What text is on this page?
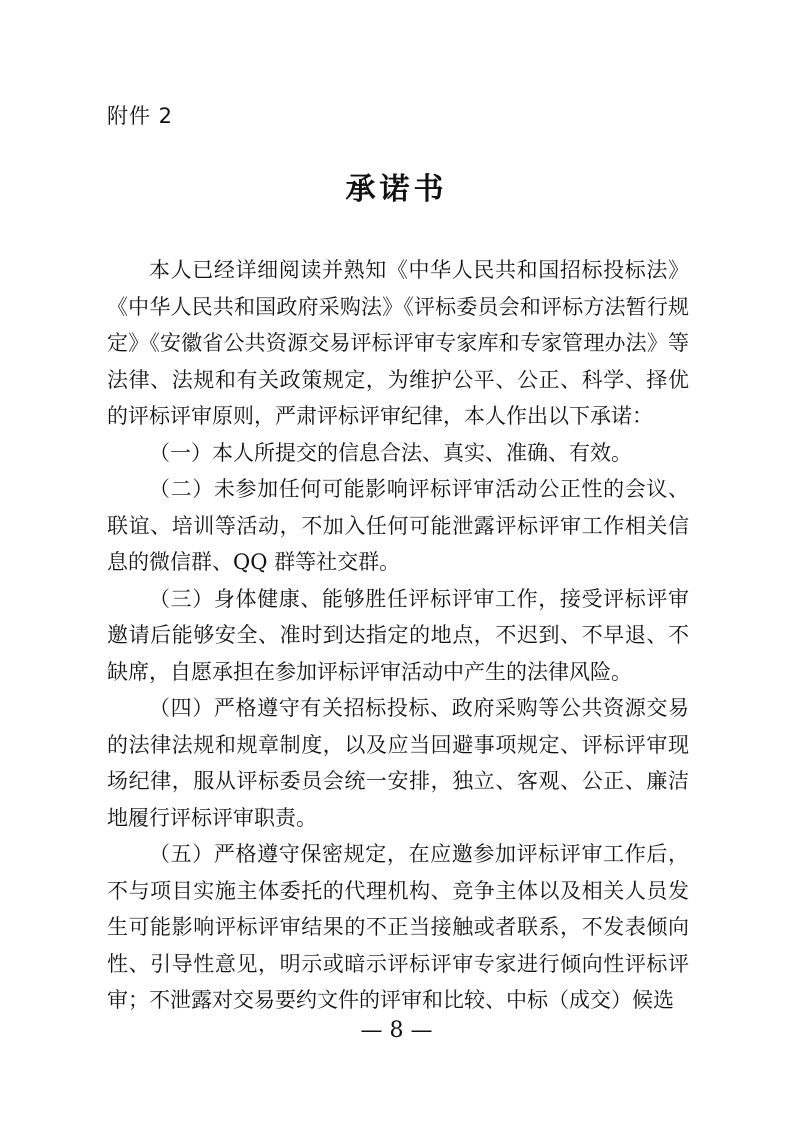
附件 2
承诺书

本人已经详细阅读并熟知《中华人民共和国招标投标法》《中华人民共和国政府采购法》《评标委员会和评标方法暂行规定》《安徽省公共资源交易评标评审专家库和专家管理办法》等法律、法规和有关政策规定，为维护公平、公正、科学、择优的评标评审原则，严肃评标评审纪律，本人作出以下承诺：

（一）本人所提交的信息合法、真实、准确、有效。

（二）未参加任何可能影响评标评审活动公正性的会议、联谊、培训等活动，不加入任何可能泄露评标评审工作相关信息的微信群、QQ 群等社交群。

（三）身体健康、能够胜任评标评审工作，接受评标评审邀请后能够安全、准时到达指定的地点，不迟到、不早退、不缺席，自愿承担在参加评标评审活动中产生的法律风险。

（四）严格遵守有关招标投标、政府采购等公共资源交易的法律法规和规章制度，以及应当回避事项规定、评标评审现场纪律，服从评标委员会统一安排，独立、客观、公正、廉洁地履行评标评审职责。

（五）严格遵守保密规定，在应邀参加评标评审工作后，不与项目实施主体委托的代理机构、竞争主体以及相关人员发生可能影响评标评审结果的不正当接触或者联系，不发表倾向性、引导性意见，明示或暗示评标评审专家进行倾向性评标评审；不泄露对交易要约文件的评审和比较、中标（成交）候选

— 8 —
